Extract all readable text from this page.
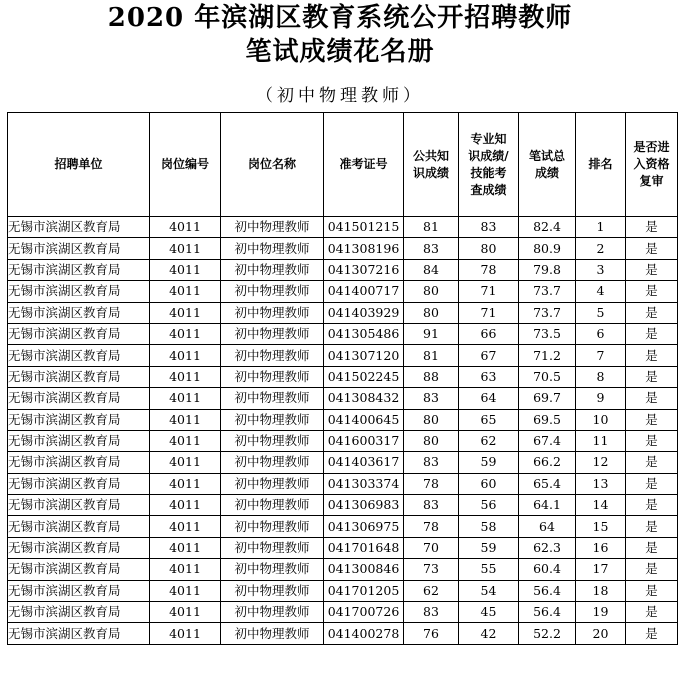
2020 年滨湖区教育系统公开招聘教师
笔试成绩花名册
（初中物理教师）
招聘单位	岗位编号	岗位名称	准考证号	公共知识成绩	专业知识成绩/技能考查成绩	笔试总成绩	排名	是否进入资格复审
无锡市滨湖区教育局	4011	初中物理教师	041501215	81	83	82.4	1	是
无锡市滨湖区教育局	4011	初中物理教师	041308196	83	80	80.9	2	是
无锡市滨湖区教育局	4011	初中物理教师	041307216	84	78	79.8	3	是
无锡市滨湖区教育局	4011	初中物理教师	041400717	80	71	73.7	4	是
无锡市滨湖区教育局	4011	初中物理教师	041403929	80	71	73.7	5	是
无锡市滨湖区教育局	4011	初中物理教师	041305486	91	66	73.5	6	是
无锡市滨湖区教育局	4011	初中物理教师	041307120	81	67	71.2	7	是
无锡市滨湖区教育局	4011	初中物理教师	041502245	88	63	70.5	8	是
无锡市滨湖区教育局	4011	初中物理教师	041308432	83	64	69.7	9	是
无锡市滨湖区教育局	4011	初中物理教师	041400645	80	65	69.5	10	是
无锡市滨湖区教育局	4011	初中物理教师	041600317	80	62	67.4	11	是
无锡市滨湖区教育局	4011	初中物理教师	041403617	83	59	66.2	12	是
无锡市滨湖区教育局	4011	初中物理教师	041303374	78	60	65.4	13	是
无锡市滨湖区教育局	4011	初中物理教师	041306983	83	56	64.1	14	是
无锡市滨湖区教育局	4011	初中物理教师	041306975	78	58	64	15	是
无锡市滨湖区教育局	4011	初中物理教师	041701648	70	59	62.3	16	是
无锡市滨湖区教育局	4011	初中物理教师	041300846	73	55	60.4	17	是
无锡市滨湖区教育局	4011	初中物理教师	041701205	62	54	56.4	18	是
无锡市滨湖区教育局	4011	初中物理教师	041700726	83	45	56.4	19	是
无锡市滨湖区教育局	4011	初中物理教师	041400278	76	42	52.2	20	是
